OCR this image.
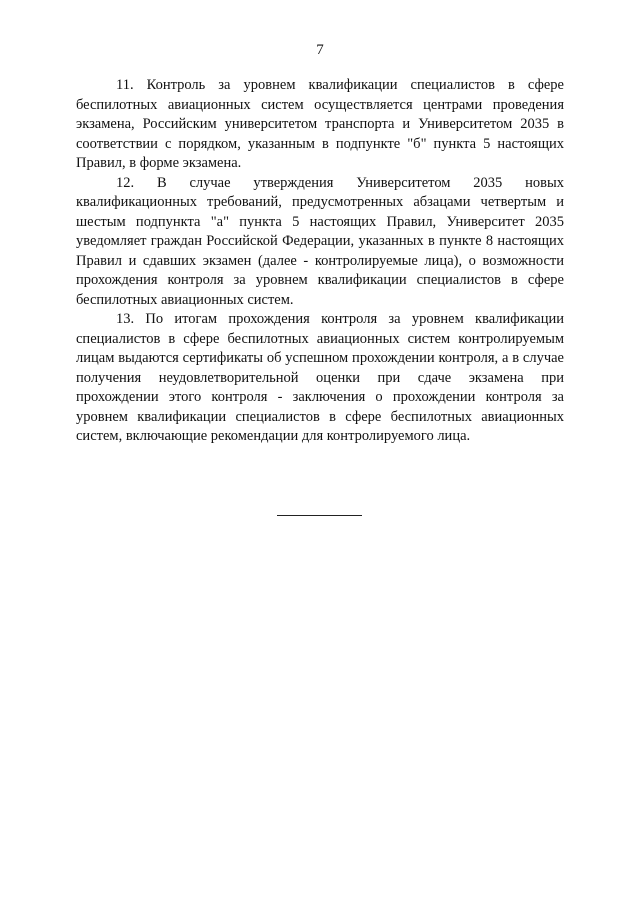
7

11. Контроль за уровнем квалификации специалистов в сфере беспилотных авиационных систем осуществляется центрами проведения экзамена, Российским университетом транспорта и Университетом 2035 в соответствии с порядком, указанным в подпункте "б" пункта 5 настоящих Правил, в форме экзамена.

12. В случае утверждения Университетом 2035 новых квалификационных требований, предусмотренных абзацами четвертым и шестым подпункта "а" пункта 5 настоящих Правил, Университет 2035 уведомляет граждан Российской Федерации, указанных в пункте 8 настоящих Правил и сдавших экзамен (далее - контролируемые лица), о возможности прохождения контроля за уровнем квалификации специалистов в сфере беспилотных авиационных систем.

13. По итогам прохождения контроля за уровнем квалификации специалистов в сфере беспилотных авиационных систем контролируемым лицам выдаются сертификаты об успешном прохождении контроля, а в случае получения неудовлетворительной оценки при сдаче экзамена при прохождении этого контроля - заключения о прохождении контроля за уровнем квалификации специалистов в сфере беспилотных авиационных систем, включающие рекомендации для контролируемого лица.
